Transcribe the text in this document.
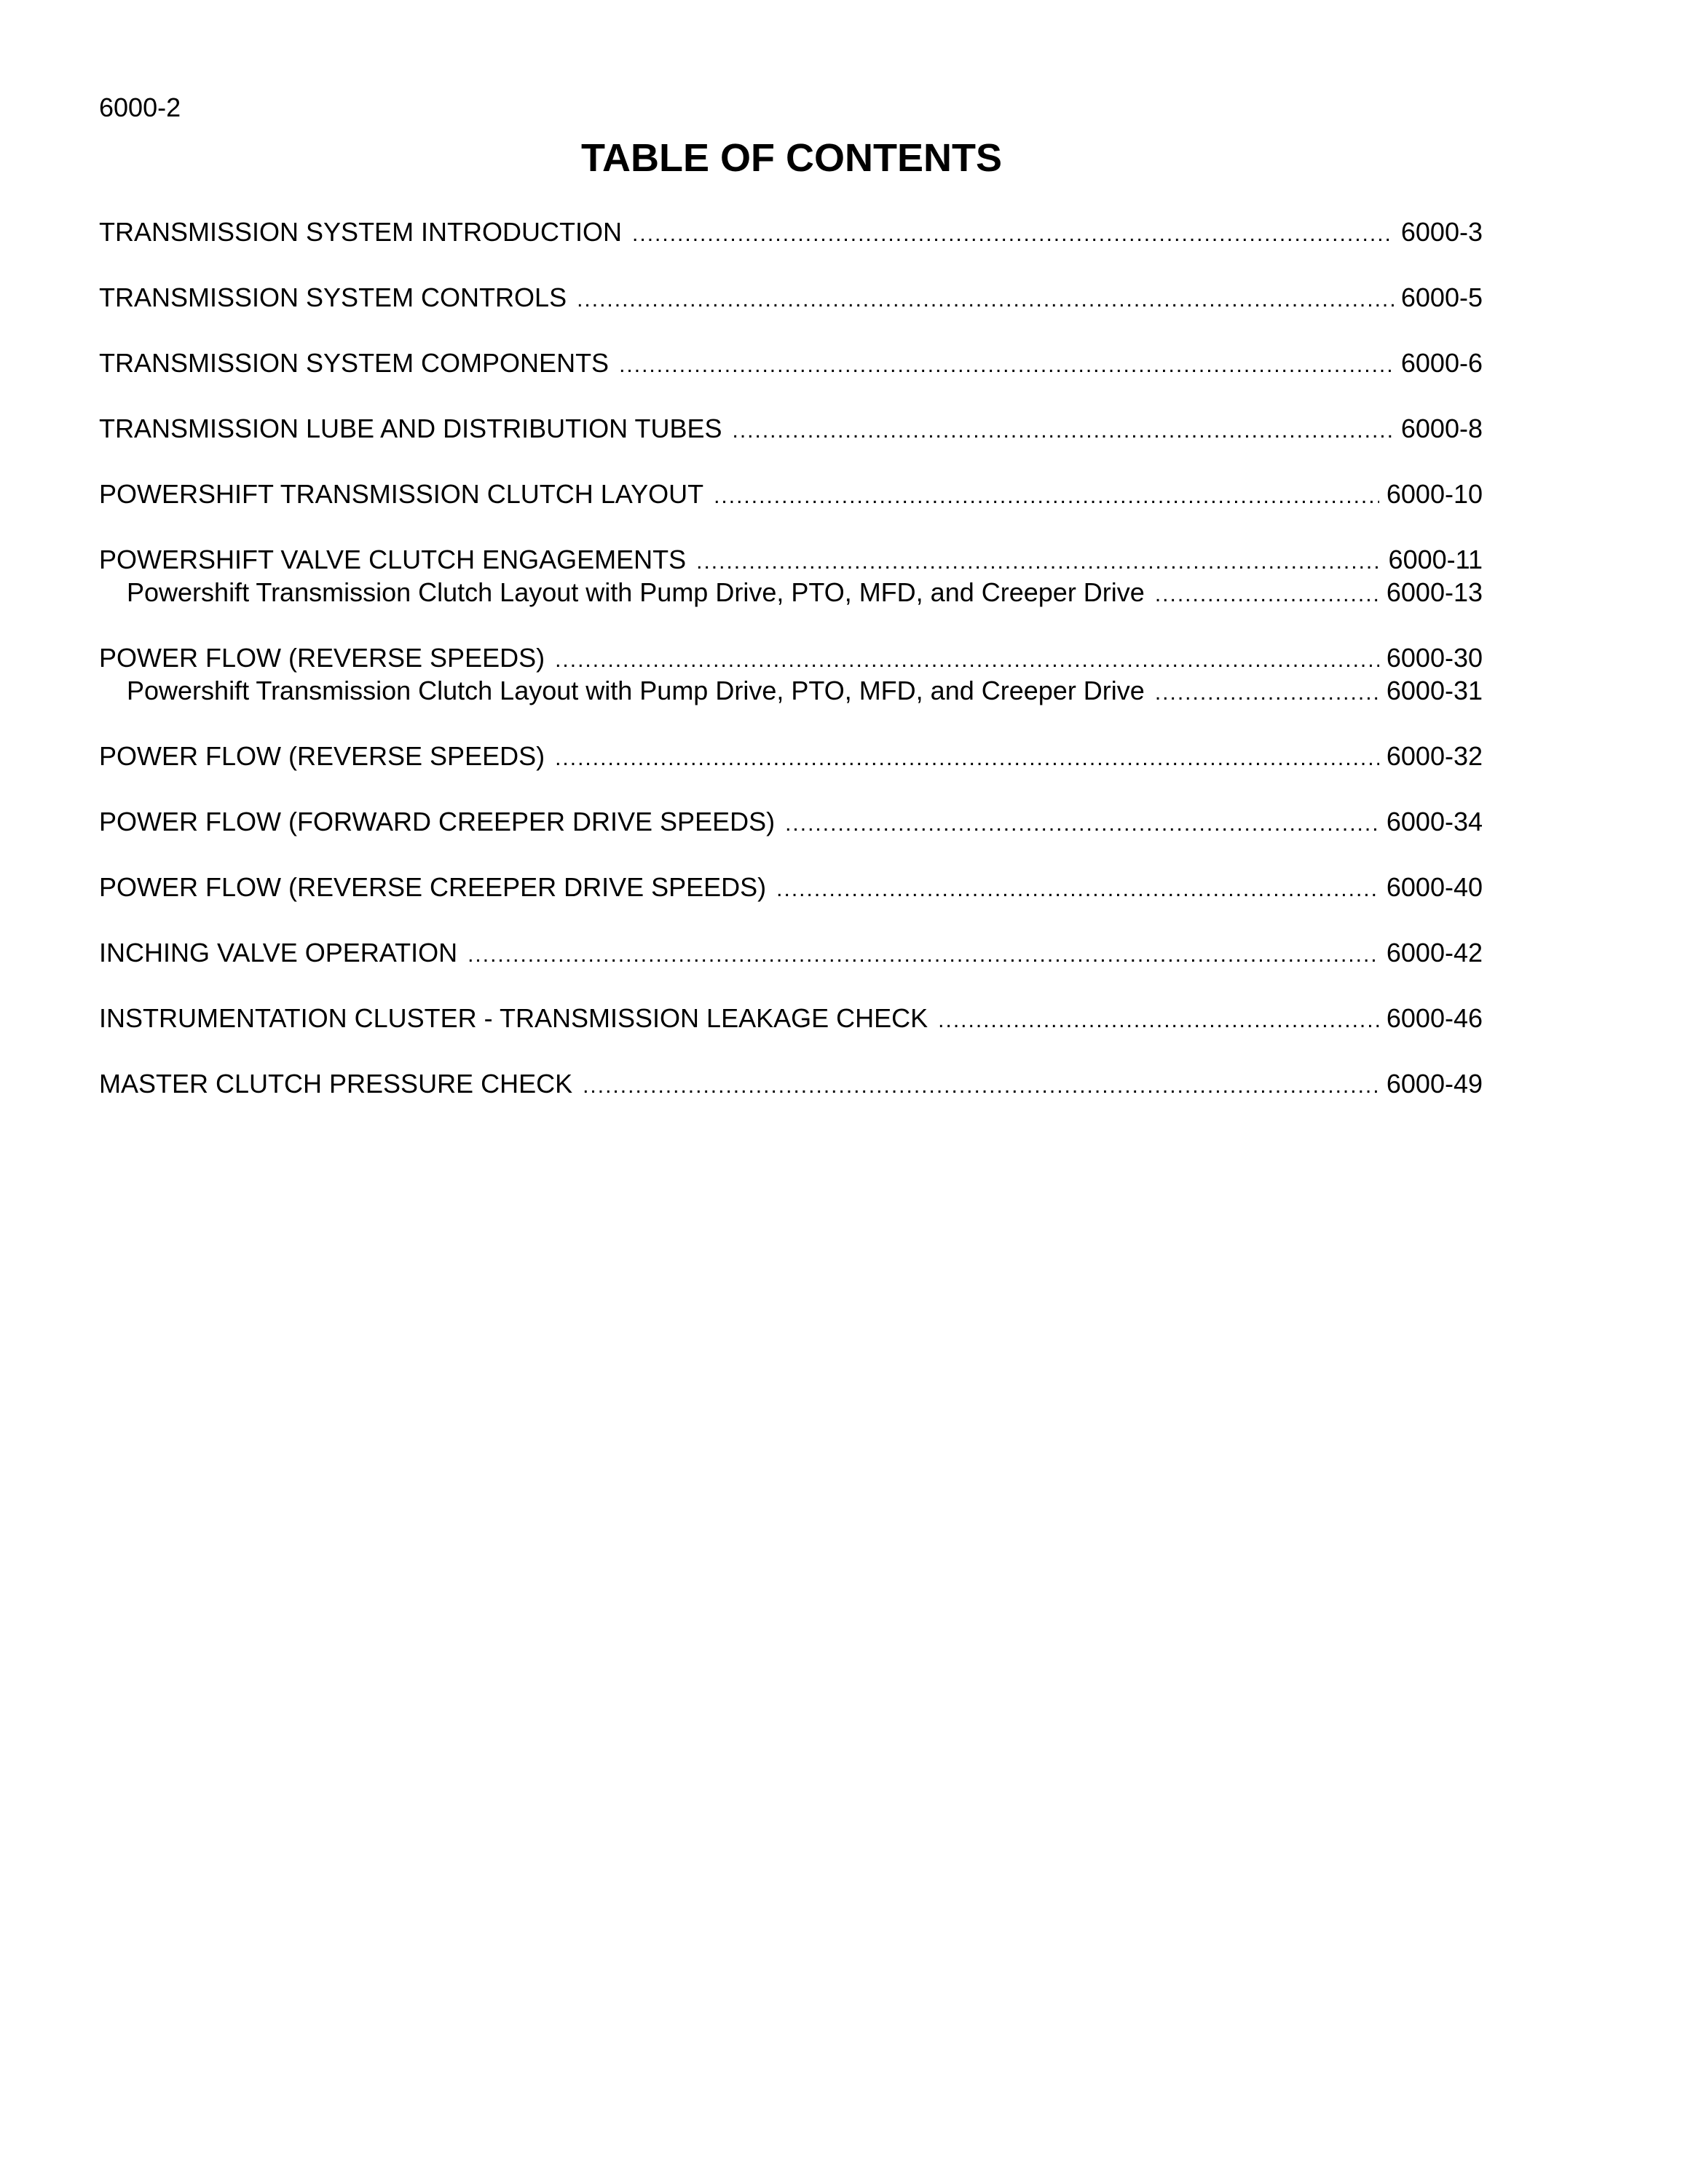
6000-2
TABLE OF CONTENTS
TRANSMISSION SYSTEM INTRODUCTION .....	6000-3
TRANSMISSION SYSTEM CONTROLS .....	6000-5
TRANSMISSION SYSTEM COMPONENTS .....	6000-6
TRANSMISSION LUBE AND DISTRIBUTION TUBES .....	6000-8
POWERSHIFT TRANSMISSION CLUTCH LAYOUT .....	6000-10
POWERSHIFT VALVE CLUTCH ENGAGEMENTS .....	6000-11
Powershift Transmission Clutch Layout with Pump Drive, PTO, MFD, and Creeper Drive .....	6000-13
POWER FLOW (REVERSE SPEEDS) .....	6000-30
Powershift Transmission Clutch Layout with Pump Drive, PTO, MFD, and Creeper Drive .....	6000-31
POWER FLOW (REVERSE SPEEDS) .....	6000-32
POWER FLOW (FORWARD CREEPER DRIVE SPEEDS) .....	6000-34
POWER FLOW (REVERSE CREEPER DRIVE SPEEDS) .....	6000-40
INCHING VALVE OPERATION .....	6000-42
INSTRUMENTATION CLUSTER - TRANSMISSION LEAKAGE CHECK .....	6000-46
MASTER CLUTCH PRESSURE CHECK .....	6000-49
